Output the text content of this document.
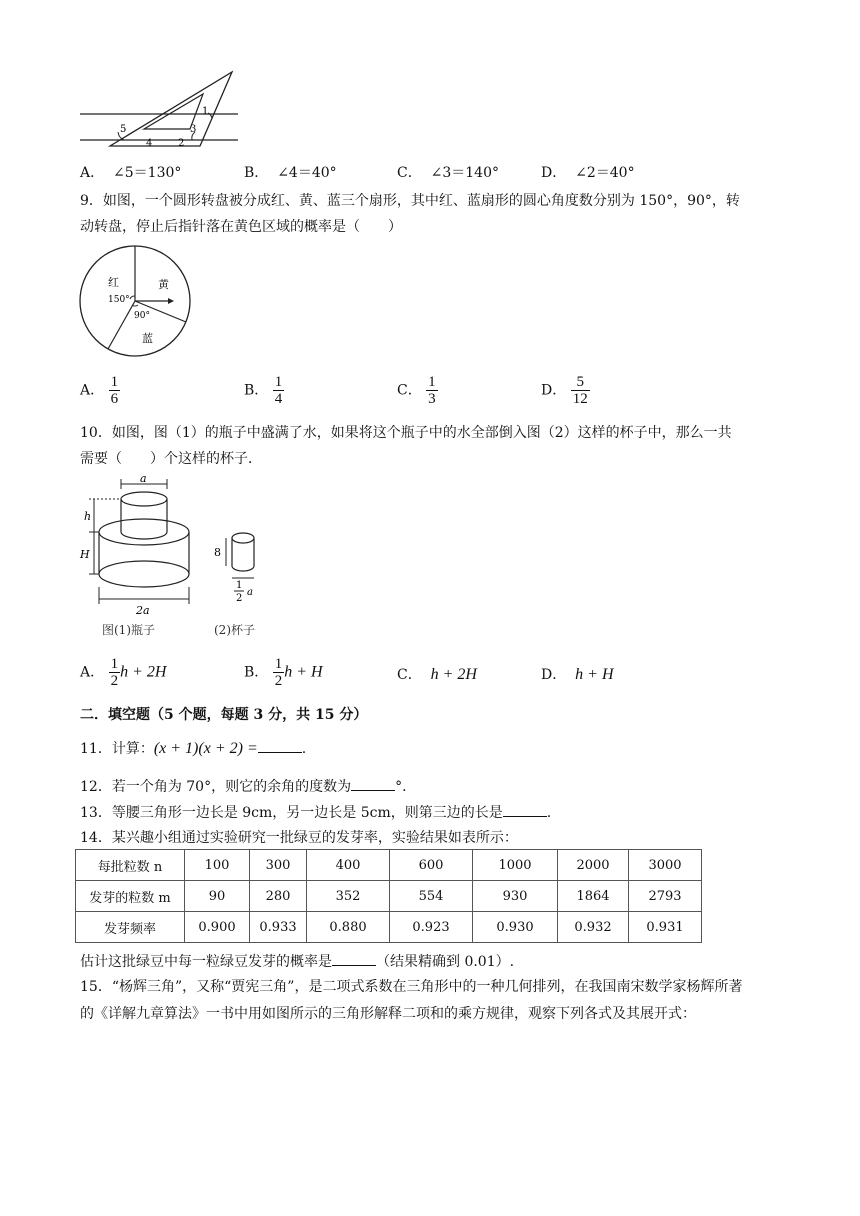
1
2
3
4
5
A． ∠5＝130°	B． ∠4＝40°	C． ∠3＝140°	D． ∠2＝40°
9．如图，一个圆形转盘被分成红、黄、蓝三个扇形，其中红、蓝扇形的圆心角度数分别为 150°，90°，转
动转盘，停止后指针落在黄色区域的概率是（　　）
红	黄
蓝
150°
90°
A． $\frac{1}{6}$	B． $\frac{1}{4}$	C． $\frac{1}{3}$	D． $\frac{5}{12}$
10．如图，图（1）的瓶子中盛满了水，如果将这个瓶子中的水全部倒入图（2）这样的杯子中，那么一共
需要（　　）个这样的杯子．
a
h
H
2a
8
1
2
a
图(1)瓶子	(2)杯子
A． $\frac{1}{2}$ h + 2H	B． $\frac{1}{2}$ h + H	C． h + 2H	D． h + H
二．填空题（5 个题，每题 3 分，共 15 分）
11．计算：(x + 1)(x + 2) =	.
12．若一个角为 70°，则它的余角的度数为	°．
13．等腰三角形一边长是 9cm，另一边长是 5cm，则第三边的长是	.
14．某兴趣小组通过实验研究一批绿豆的发芽率，实验结果如表所示：
每批粒数 n	100	300	400	600	1000	2000	3000
发芽的粒数 m	90	280	352	554	930	1864	2793
发芽频率	0.900	0.933	0.880	0.923	0.930	0.932	0.931
估计这批绿豆中每一粒绿豆发芽的概率是	（结果精确到 0.01）.
15．“杨辉三角”，又称“贾宪三角”，是二项式系数在三角形中的一种几何排列，在我国南宋数学家杨辉所著
的《详解九章算法》一书中用如图所示的三角形解释二项和的乘方规律，观察下列各式及其展开式：
